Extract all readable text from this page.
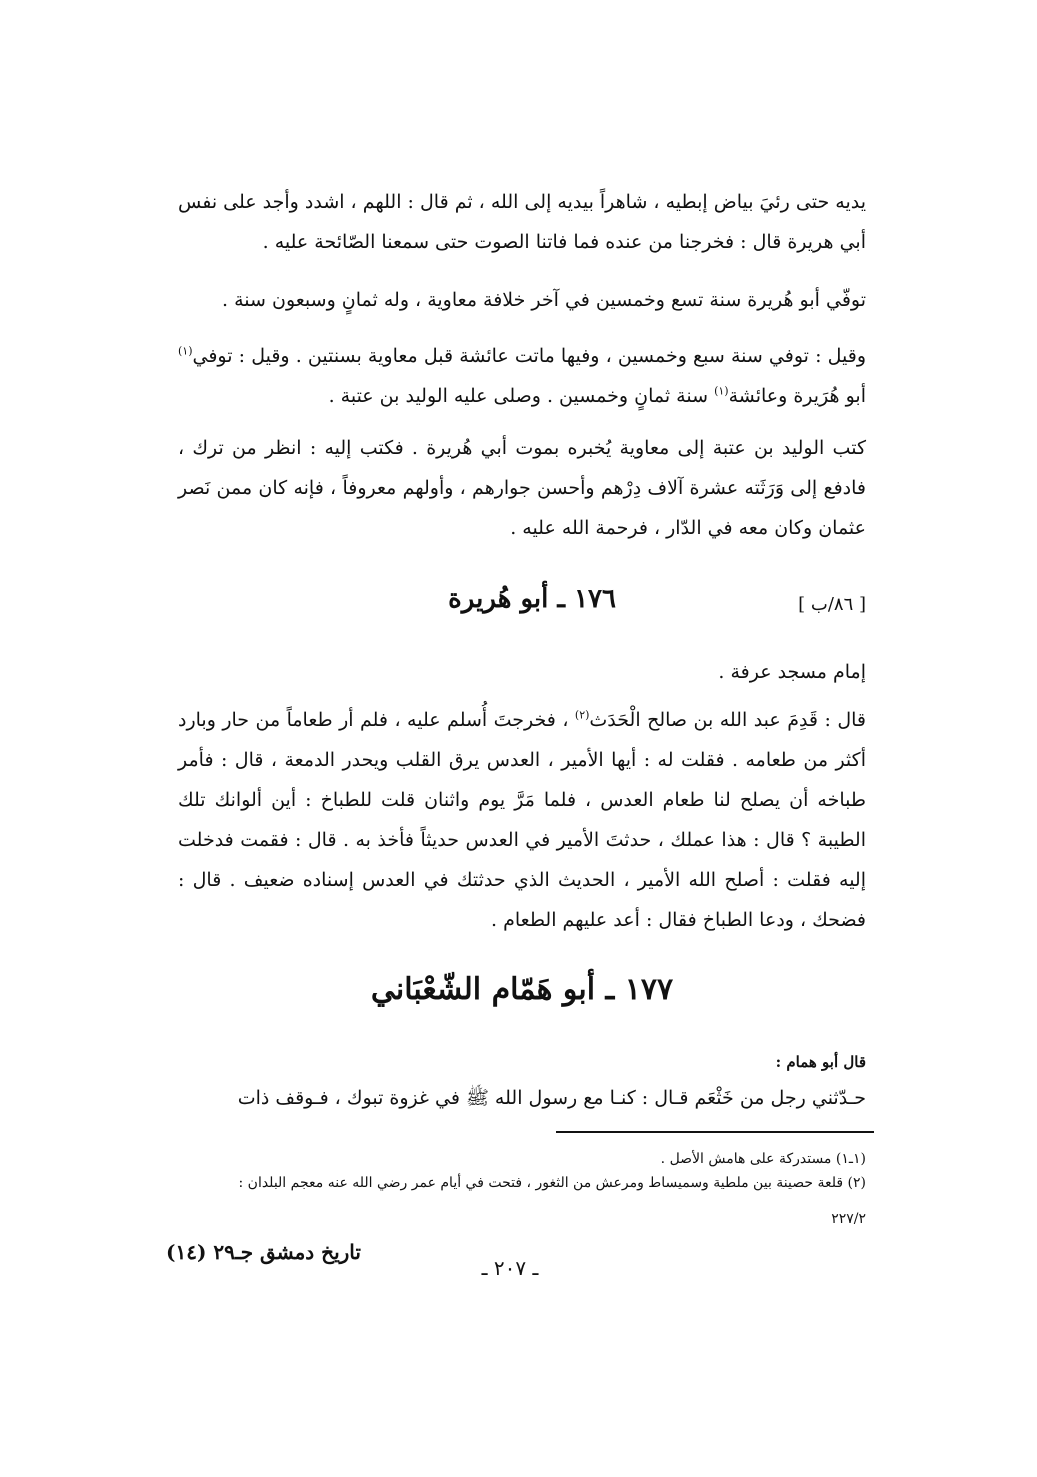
يديه حتى رئيَ بياض إبطيه ، شاهراً بيديه إلى الله ، ثم قال : اللهم ، اشدد وأجد على نفس أبي هريرة قال : فخرجنا من عنده فما فاتنا الصوت حتى سمعنا الصّائحة عليه .
توفّي أبو هُريرة سنة تسع وخمسين في آخر خلافة معاوية ، وله ثمانٍ وسبعون سنة .
وقيل : توفي سنة سبع وخمسين ، وفيها ماتت عائشة قبل معاوية بسنتين . وقيل : توفي$^{(١)}$ أبو هُرَيرة وعائشة$^{(١)}$ سنة ثمانٍ وخمسين . وصلى عليه الوليد بن عتبة .
كتب الوليد بن عتبة إلى معاوية يُخبره بموت أبي هُريرة . فكتب إليه : انظر من ترك ، فادفع إلى وَرَثَته عشرة آلاف دِرْهم وأحسن جوارهم ، وأولهم معروفاً ، فإنه كان ممن نَصر عثمان وكان معه في الدّار ، فرحمة الله عليه .
١٧٦ ـ أبو هُريرة	[ ٨٦/ب ]
إمام مسجد عرفة .
قال : قَدِمَ عبد الله بن صالح الْحَدَث$^{(٢)}$ ، فخرجتَ أُسلم عليه ، فلم أر طعاماً من حار وبارد أكثر من طعامه . فقلت له : أيها الأمير ، العدس يرق القلب ويحدر الدمعة ، قال : فأمر طباخه أن يصلح لنا طعام العدس ، فلما مَرَّ يوم واثنان قلت للطباخ : أين ألوانك تلك الطيبة ؟ قال : هذا عملك ، حدثتَ الأمير في العدس حديثاً فأخذ به . قال : فقمت فدخلت إليه فقلت : أصلح الله الأمير ، الحديث الذي حدثتك في العدس إسناده ضعيف . قال : فضحك ، ودعا الطباخ فقال : أعد عليهم الطعام .
١٧٧ ـ أبو هَمّام الشّعْبَاني
قال أبو همام :
حـدّثني رجل من خَثْعَم قـال : كنـا مع رسول الله ﷺ في غزوة تبوك ، فـوقف ذات
(١ـ١) مستدركة على هامش الأصل .
(٢) قلعة حصينة بين ملطية وسميساط ومرعش من الثغور ، فتحت في أيام عمر رضي الله عنه معجم البلدان :
٢٢٧/٢
تاريخ دمشق جـ٢٩ (١٤)
ـ ٢٠٧ ـ
